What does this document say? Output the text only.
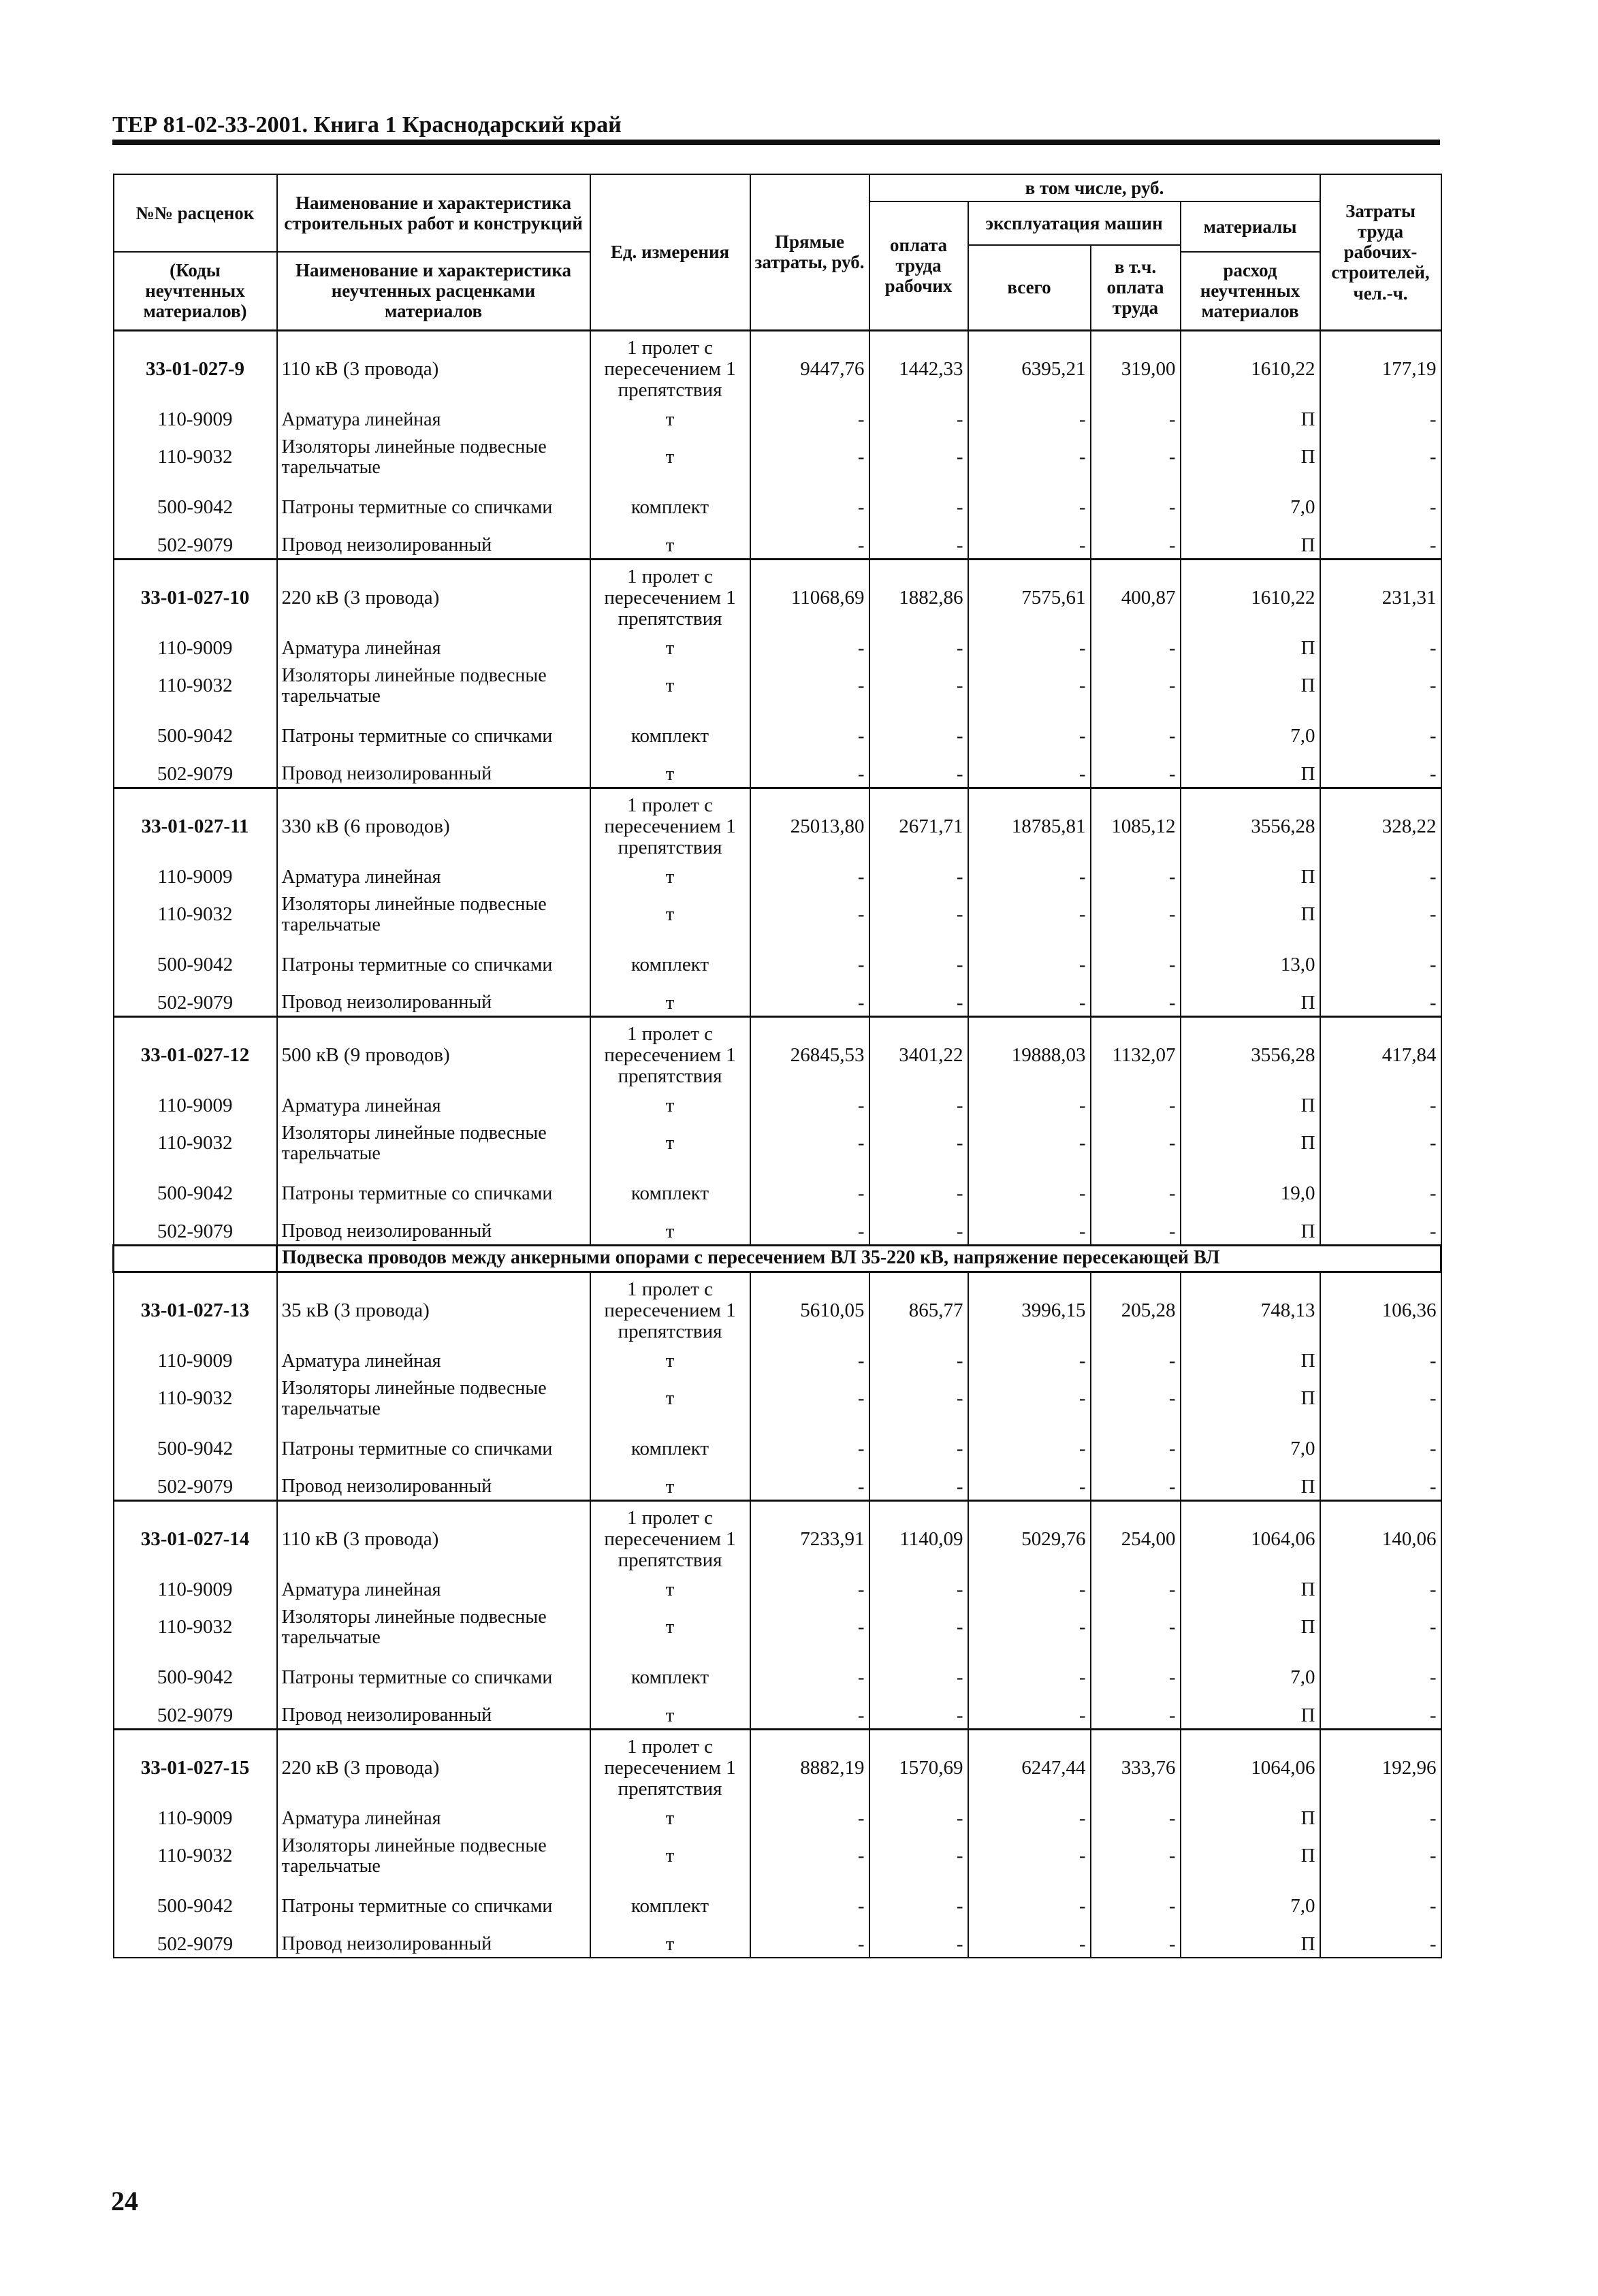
ТЕР 81-02-33-2001. Книга 1 Краснодарский край
№№ расценок	Наименование и характеристика строительных работ и конструкций	Ед. измерения	Прямые затраты, руб.	в том числе, руб.				Затраты труда рабочих-строителей, чел.-ч.
				оплата труда рабочих	эксплуатация машин		материалы	
					всего	в т.ч. оплата труда		
(Коды неучтенных материалов)	Наименование и характеристика неучтенных расценками материалов						расход неучтенных материалов	

33-01-027-9	110 кВ (3 провода)	1 пролет с пересечением 1 препятствия	9447,76	1442,33	6395,21	319,00	1610,22	177,19
110-9009	Арматура линейная	т	-	-	-	-	П	-
110-9032	Изоляторы линейные подвесные тарельчатые	т	-	-	-	-	П	-
500-9042	Патроны термитные со спичками	комплект	-	-	-	-	7,0	-
502-9079	Провод неизолированный	т	-	-	-	-	П	-
33-01-027-10	220 кВ (3 провода)	1 пролет с пересечением 1 препятствия	11068,69	1882,86	7575,61	400,87	1610,22	231,31
110-9009	Арматура линейная	т	-	-	-	-	П	-
110-9032	Изоляторы линейные подвесные тарельчатые	т	-	-	-	-	П	-
500-9042	Патроны термитные со спичками	комплект	-	-	-	-	7,0	-
502-9079	Провод неизолированный	т	-	-	-	-	П	-
33-01-027-11	330 кВ (6 проводов)	1 пролет с пересечением 1 препятствия	25013,80	2671,71	18785,81	1085,12	3556,28	328,22
110-9009	Арматура линейная	т	-	-	-	-	П	-
110-9032	Изоляторы линейные подвесные тарельчатые	т	-	-	-	-	П	-
500-9042	Патроны термитные со спичками	комплект	-	-	-	-	13,0	-
502-9079	Провод неизолированный	т	-	-	-	-	П	-
33-01-027-12	500 кВ (9 проводов)	1 пролет с пересечением 1 препятствия	26845,53	3401,22	19888,03	1132,07	3556,28	417,84
110-9009	Арматура линейная	т	-	-	-	-	П	-
110-9032	Изоляторы линейные подвесные тарельчатые	т	-	-	-	-	П	-
500-9042	Патроны термитные со спичками	комплект	-	-	-	-	19,0	-
502-9079	Провод неизолированный	т	-	-	-	-	П	-
	Подвеска проводов между анкерными опорами с пересечением ВЛ 35-220 кВ, напряжение пересекающей ВЛ							
33-01-027-13	35 кВ (3 провода)	1 пролет с пересечением 1 препятствия	5610,05	865,77	3996,15	205,28	748,13	106,36
110-9009	Арматура линейная	т	-	-	-	-	П	-
110-9032	Изоляторы линейные подвесные тарельчатые	т	-	-	-	-	П	-
500-9042	Патроны термитные со спичками	комплект	-	-	-	-	7,0	-
502-9079	Провод неизолированный	т	-	-	-	-	П	-
33-01-027-14	110 кВ (3 провода)	1 пролет с пересечением 1 препятствия	7233,91	1140,09	5029,76	254,00	1064,06	140,06
110-9009	Арматура линейная	т	-	-	-	-	П	-
110-9032	Изоляторы линейные подвесные тарельчатые	т	-	-	-	-	П	-
500-9042	Патроны термитные со спичками	комплект	-	-	-	-	7,0	-
502-9079	Провод неизолированный	т	-	-	-	-	П	-
33-01-027-15	220 кВ (3 провода)	1 пролет с пересечением 1 препятствия	8882,19	1570,69	6247,44	333,76	1064,06	192,96
110-9009	Арматура линейная	т	-	-	-	-	П	-
110-9032	Изоляторы линейные подвесные тарельчатые	т	-	-	-	-	П	-
500-9042	Патроны термитные со спичками	комплект	-	-	-	-	7,0	-
502-9079	Провод неизолированный	т	-	-	-	-	П	-
24
